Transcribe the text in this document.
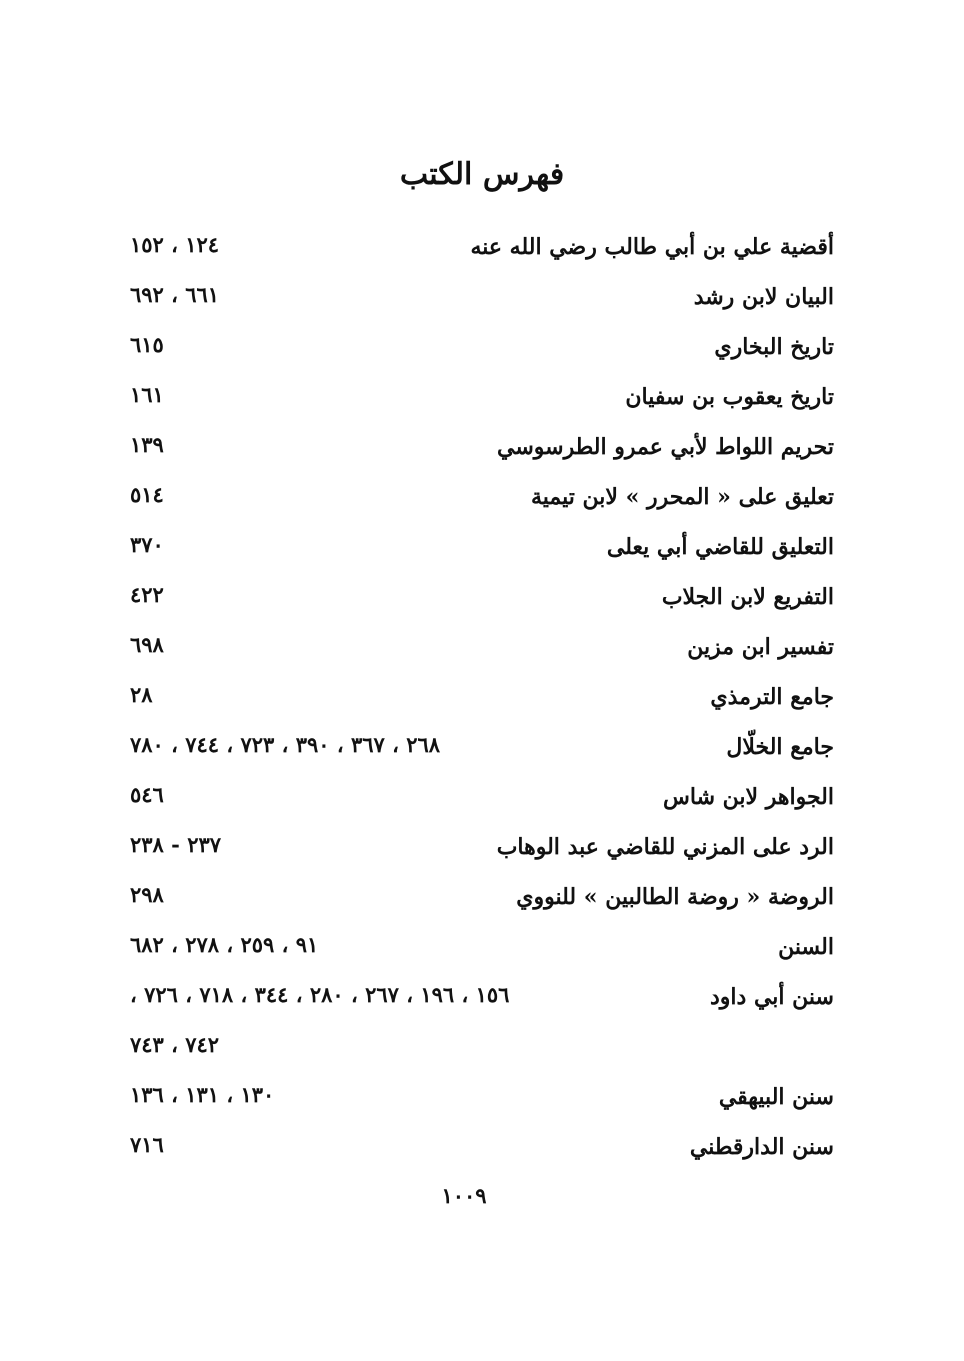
فهرس الكتب
أقضية علي بن أبي طالب رضي الله عنه
١٢٤ ، ١٥٢
البيان لابن رشد
٦٦١ ، ٦٩٢
تاريخ البخاري
٦١٥
تاريخ يعقوب بن سفيان
١٦١
تحريم اللواط لأبي عمرو الطرسوسي
١٣٩
تعليق على « المحرر » لابن تيمية
٥١٤
التعليق للقاضي أبي يعلى
٣٧٠
التفريع لابن الجلاب
٤٢٢
تفسير ابن مزين
٦٩٨
جامع الترمذي
٢٨
جامع الخلّال
٢٦٨ ، ٣٦٧ ، ٣٩٠ ، ٧٢٣ ، ٧٤٤ ، ٧٨٠
الجواهر لابن شاس
٥٤٦
الرد على المزني للقاضي عبد الوهاب
٢٣٧ - ٢٣٨
الروضة « روضة الطالبين » للنووي
٢٩٨
السنن
٩١ ، ٢٥٩ ، ٢٧٨ ، ٦٨٢
سنن أبي داود
١٥٦ ، ١٩٦ ، ٢٦٧ ، ٢٨٠ ، ٣٤٤ ، ٧١٨ ، ٧٢٦ ،
٧٤٢ ، ٧٤٣
سنن البيهقي
١٣٠ ، ١٣١ ، ١٣٦
سنن الدارقطني
٧١٦
١٠٠٩
